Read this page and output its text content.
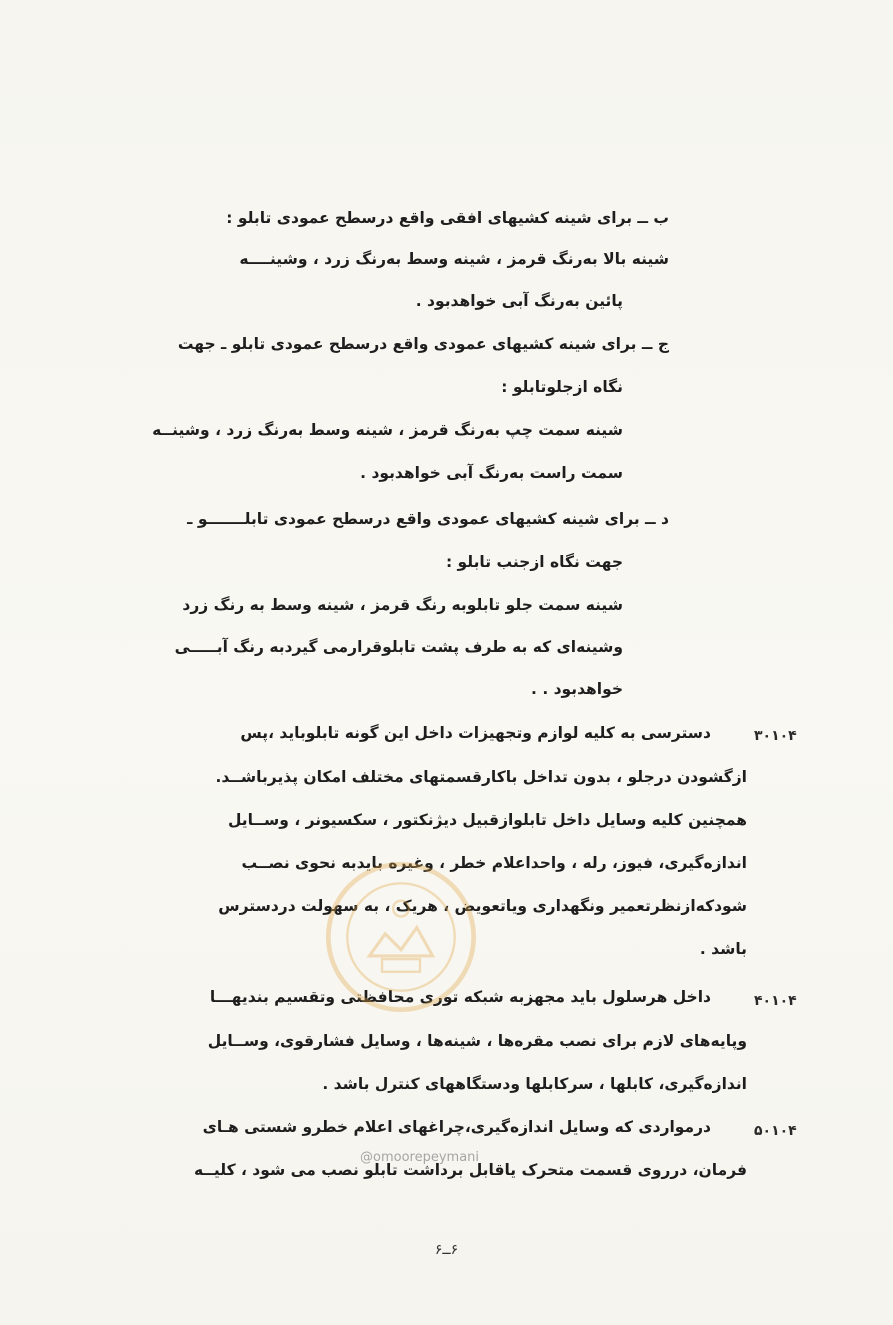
ب ــ برای شینه کشیهای افقی واقع درسطح عمودی تابلو :
شینه بالا بەرنگ قرمز ، شینه وسط بەرنگ زرد ، وشینــــه
پائین بەرنگ آبی خواهدبود .
ج ــ برای شینه کشیهای عمودی واقع درسطح عمودی تابلو ـ جهت
نگاه ازجلوتابلو :
شینه سمت چپ بەرنگ قرمز ، شینه وسط بەرنگ زرد ، وشینــه
سمت راست بەرنگ آبی خواهدبود .
د ــ برای شینه کشیهای عمودی واقع درسطح عمودی تابلـــــــو ـ
جهت نگاه ازجنب تابلو :
شینه سمت جلو تابلوبه رنگ قرمز ، شینه وسط به رنگ زرد
وشینه‌ای که به طرف پشت تابلوقرارمی گیردبه رنگ آبـــــی
خواهدبود . .
۳۰۱۰۴
دسترسی به کلیه لوازم وتجهیزات داخل این گونه تابلوباید ،پس
ازگشودن درجلو ، بدون تداخل باکارقسمتهای مختلف امکان پذیرباشــد.
همچنین کلیه وسایل داخل تابلوازقبیل دیژنکتور ، سکسیونر ، وســایل
اندازه‌گیری، فیوز، رله ، واحداعلام خطر ، وغیره بایدبه نحوی نصــب
شودکه‌ازنظرتعمیر ونگهداری ویاتعویض ، هریک ، به سهولت دردسترس
باشد .
۴۰۱۰۴
داخل هرسلول باید مجهزبه شبکه توری محافظتی وتقسیم بندیهـــا
وپایه‌های لازم برای نصب مقره‌ها ، شینه‌ها ، وسایل فشارقوی، وســایل
اندازه‌گیری، کابلها ، سرکابلها ودستگاههای کنترل باشد .
۵۰۱۰۴
درمواردی که وسایل اندازه‌گیری،چراغهای اعلام خطرو شستی هـای
فرمان، درروی قسمت متحرک یاقابل برداشت تابلو نصب می شود ، کلیــه
@omoorepeymani
۶ــ۶
